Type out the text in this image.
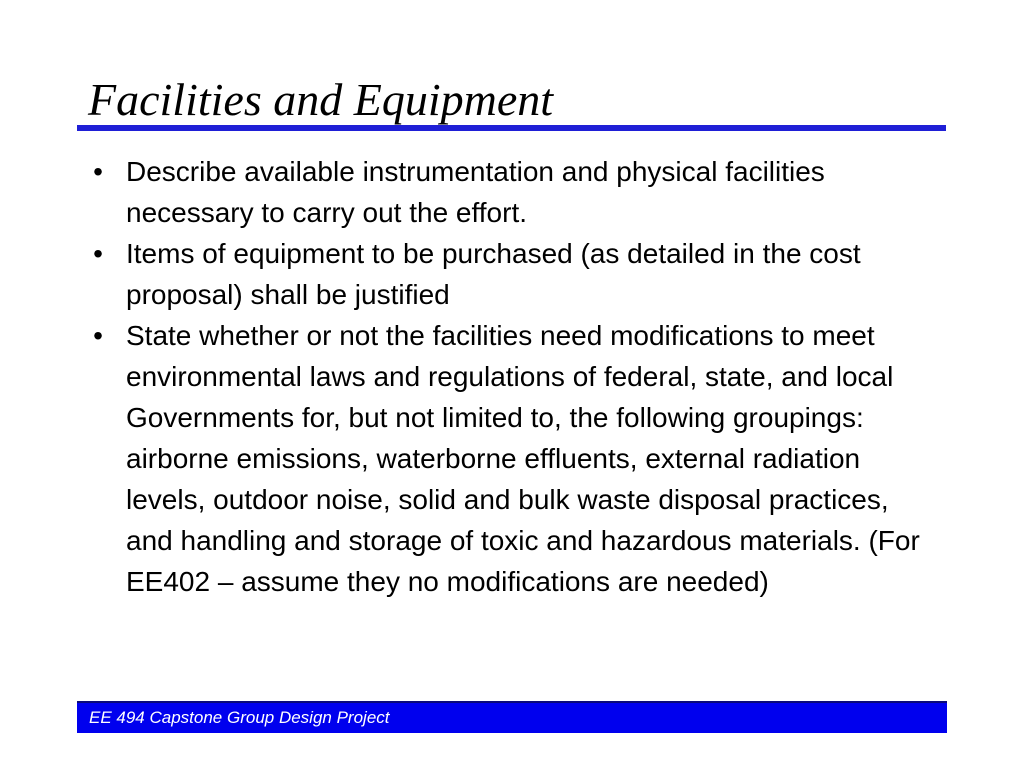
Facilities and Equipment
• Describe available instrumentation and physical facilities necessary to carry out the effort.
• Items of equipment to be purchased (as detailed in the cost proposal) shall be justified
• State whether or not the facilities need modifications to meet environmental laws and regulations of federal, state, and local Governments for, but not limited to, the following groupings: airborne emissions, waterborne effluents, external radiation levels, outdoor noise, solid and bulk waste disposal practices, and handling and storage of toxic and hazardous materials. (For EE402 – assume they no modifications are needed)
EE 494 Capstone Group Design Project
